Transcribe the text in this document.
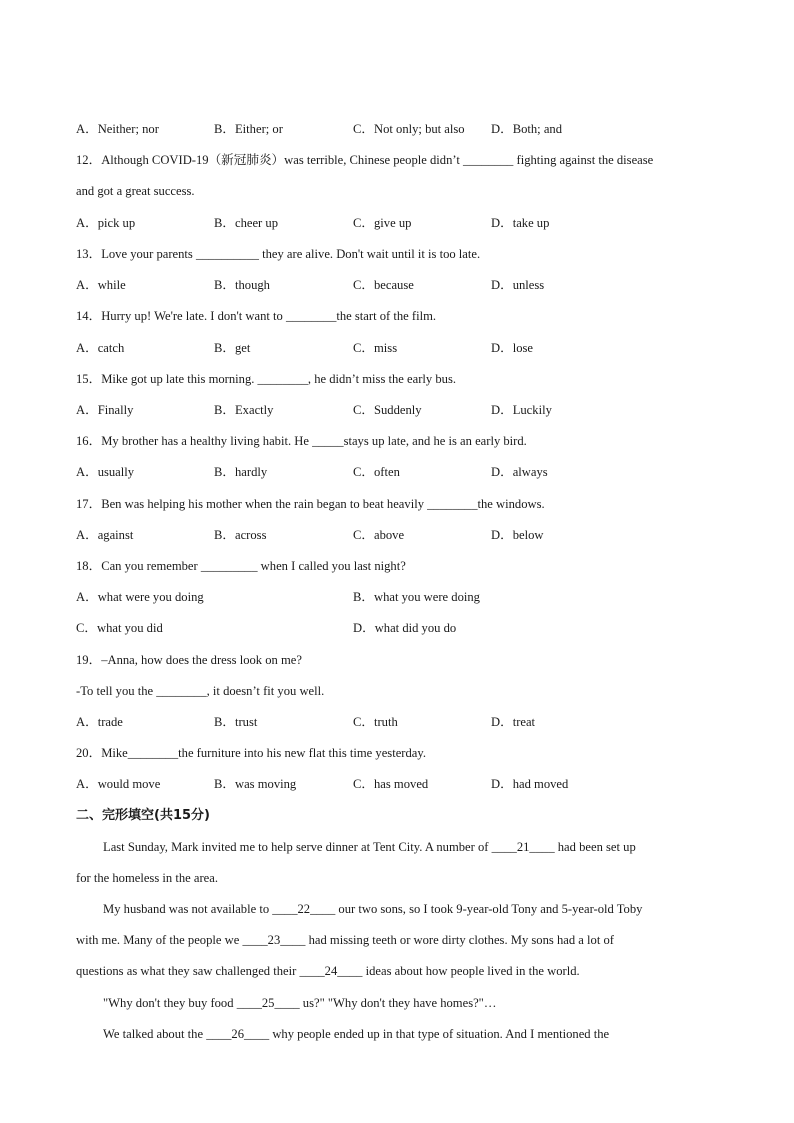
A．Neither; nor	B．Either; or	C．Not only; but also D．Both; and
12．Although COVID-19（新冠肺炎）was terrible, Chinese people didn’t ________ fighting against the disease
and got a great success.
A．pick up	B．cheer up	C．give up	D．take up
13．Love your parents __________ they are alive. Don't wait until it is too late.
A．while	B．though	C．because	D．unless
14．Hurry up! We're late. I don't want to ________the start of the film.
A．catch	B．get	C．miss	D．lose
15．Mike got up late this morning. ________, he didn’t miss the early bus.
A．Finally	B．Exactly	C．Suddenly	D．Luckily
16．My brother has a healthy living habit. He _____stays up late, and he is an early bird.
A．usually	B．hardly	C．often	D．always
17．Ben was helping his mother when the rain began to beat heavily ________the windows.
A．against	B．across	C．above	D．below
18．Can you remember _________ when I called you last night?
A．what were you doing	B．what you were doing
C．what you did	D．what did you do
19．–Anna, how does the dress look on me?
-To tell you the ________, it doesn’t fit you well.
A．trade	B．trust	C．truth	D．treat
20．Mike________the furniture into his new flat this time yesterday.
A．would move	B．was moving	C．has moved	D．had moved
二、完形填空(共15分)
Last Sunday, Mark invited me to help serve dinner at Tent City. A number of ____21____ had been set up
for the homeless in the area.
My husband was not available to ____22____ our two sons, so I took 9-year-old Tony and 5-year-old Toby
with me. Many of the people we ____23____ had missing teeth or wore dirty clothes. My sons had a lot of
questions as what they saw challenged their ____24____ ideas about how people lived in the world.
"Why don't they buy food ____25____ us?" "Why don't they have homes?"…
We talked about the ____26____ why people ended up in that type of situation. And I mentioned the
